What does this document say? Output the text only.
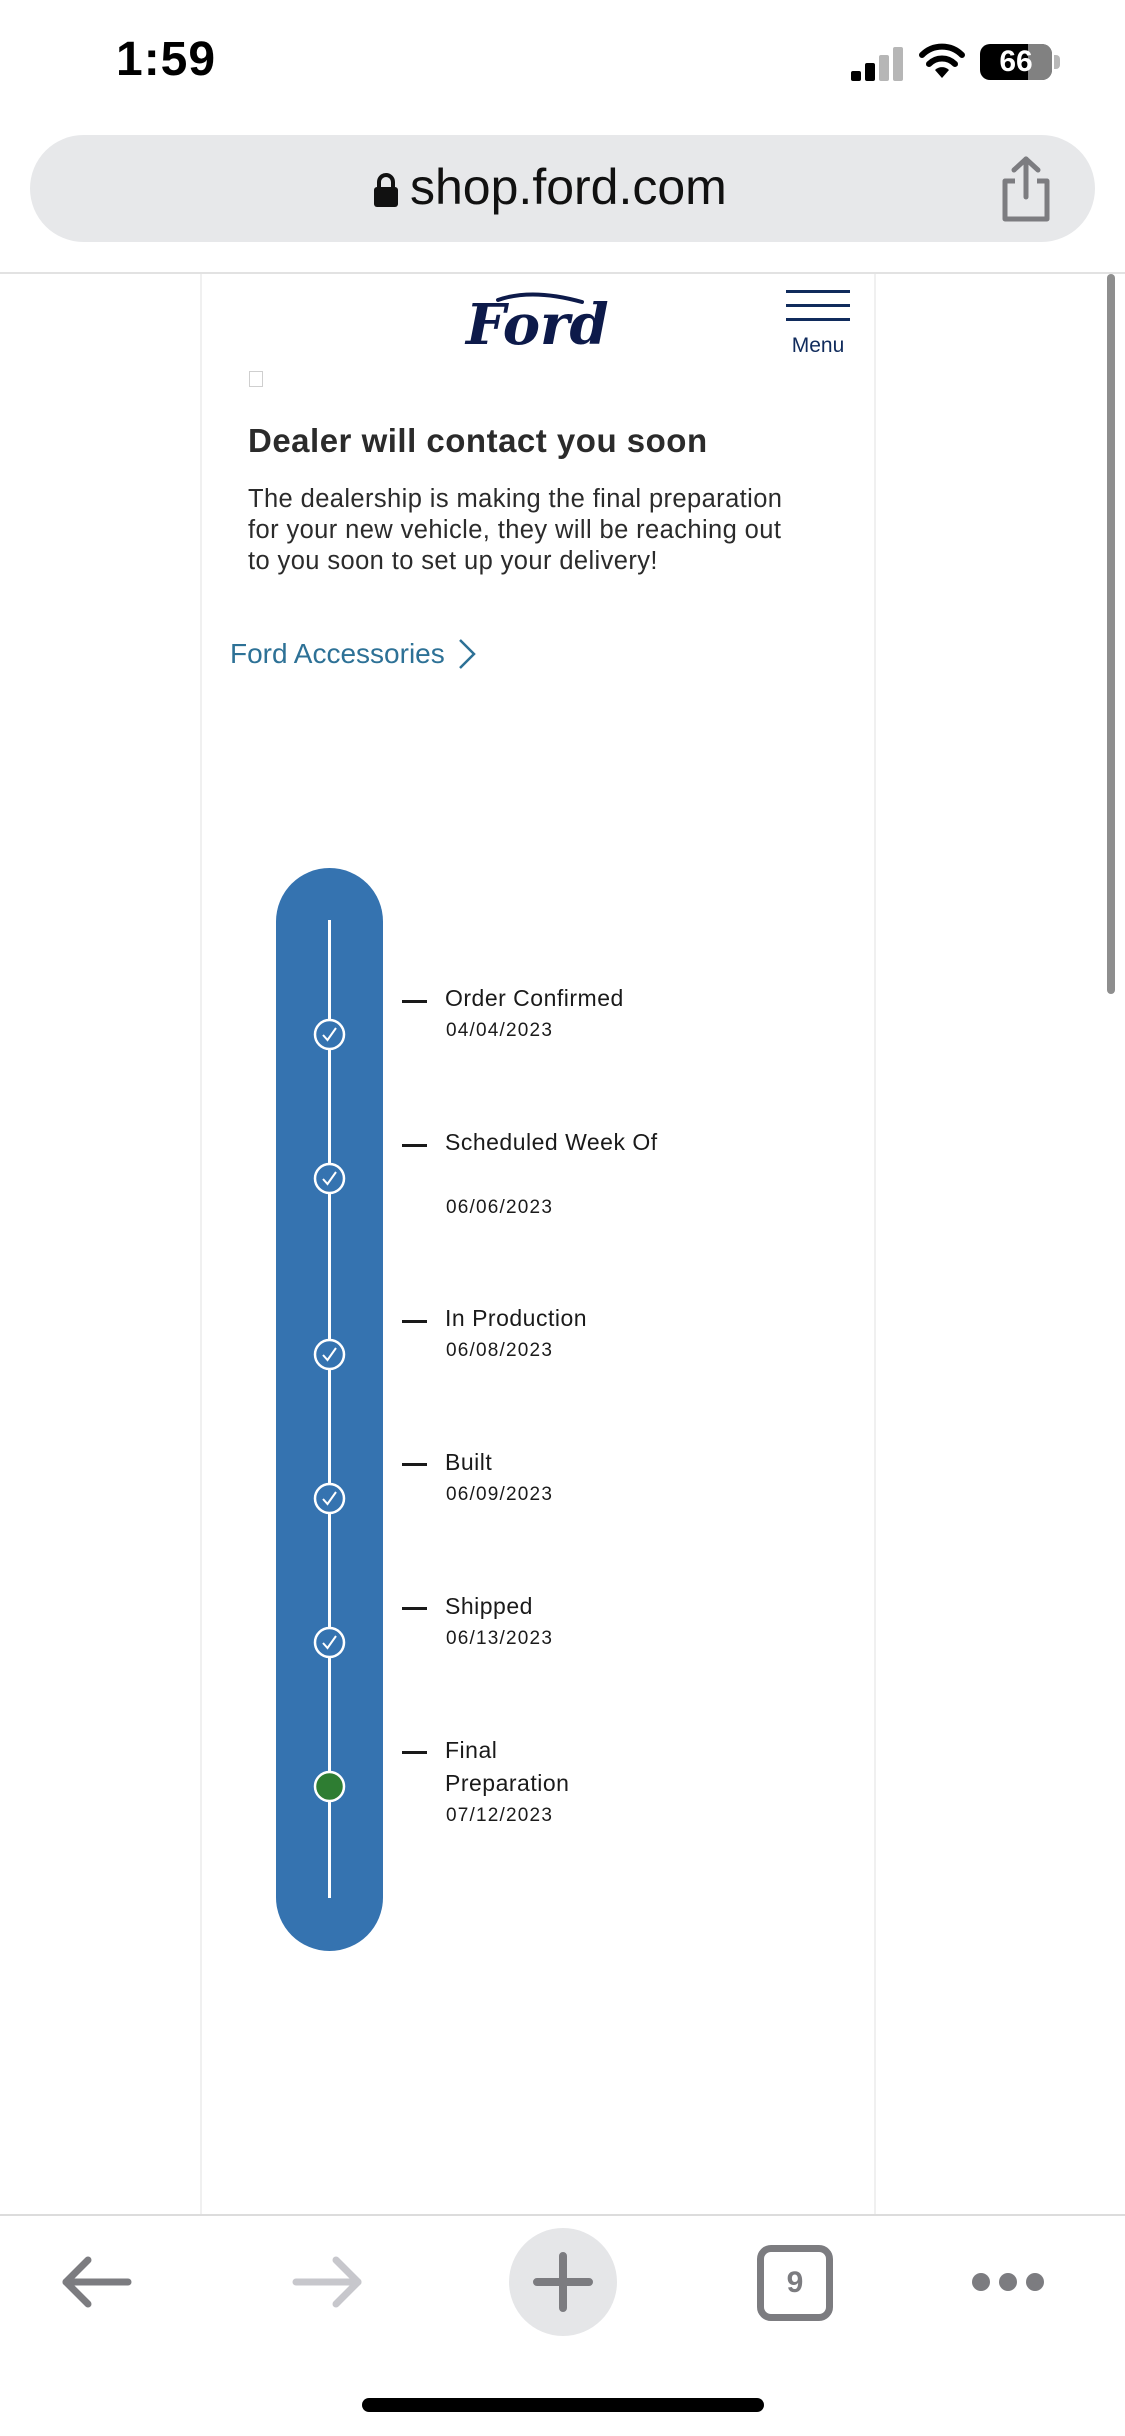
1:59	66
shop.ford.com
Ford	Menu
Dealer will contact you soon
The dealership is making the final preparation for your new vehicle, they will be reaching out to you soon to set up your delivery!
Ford Accessories
Order Confirmed
04/04/2023
Scheduled Week Of
06/06/2023
In Production
06/08/2023
Built
06/09/2023
Shipped
06/13/2023
Final Preparation
07/12/2023
9
